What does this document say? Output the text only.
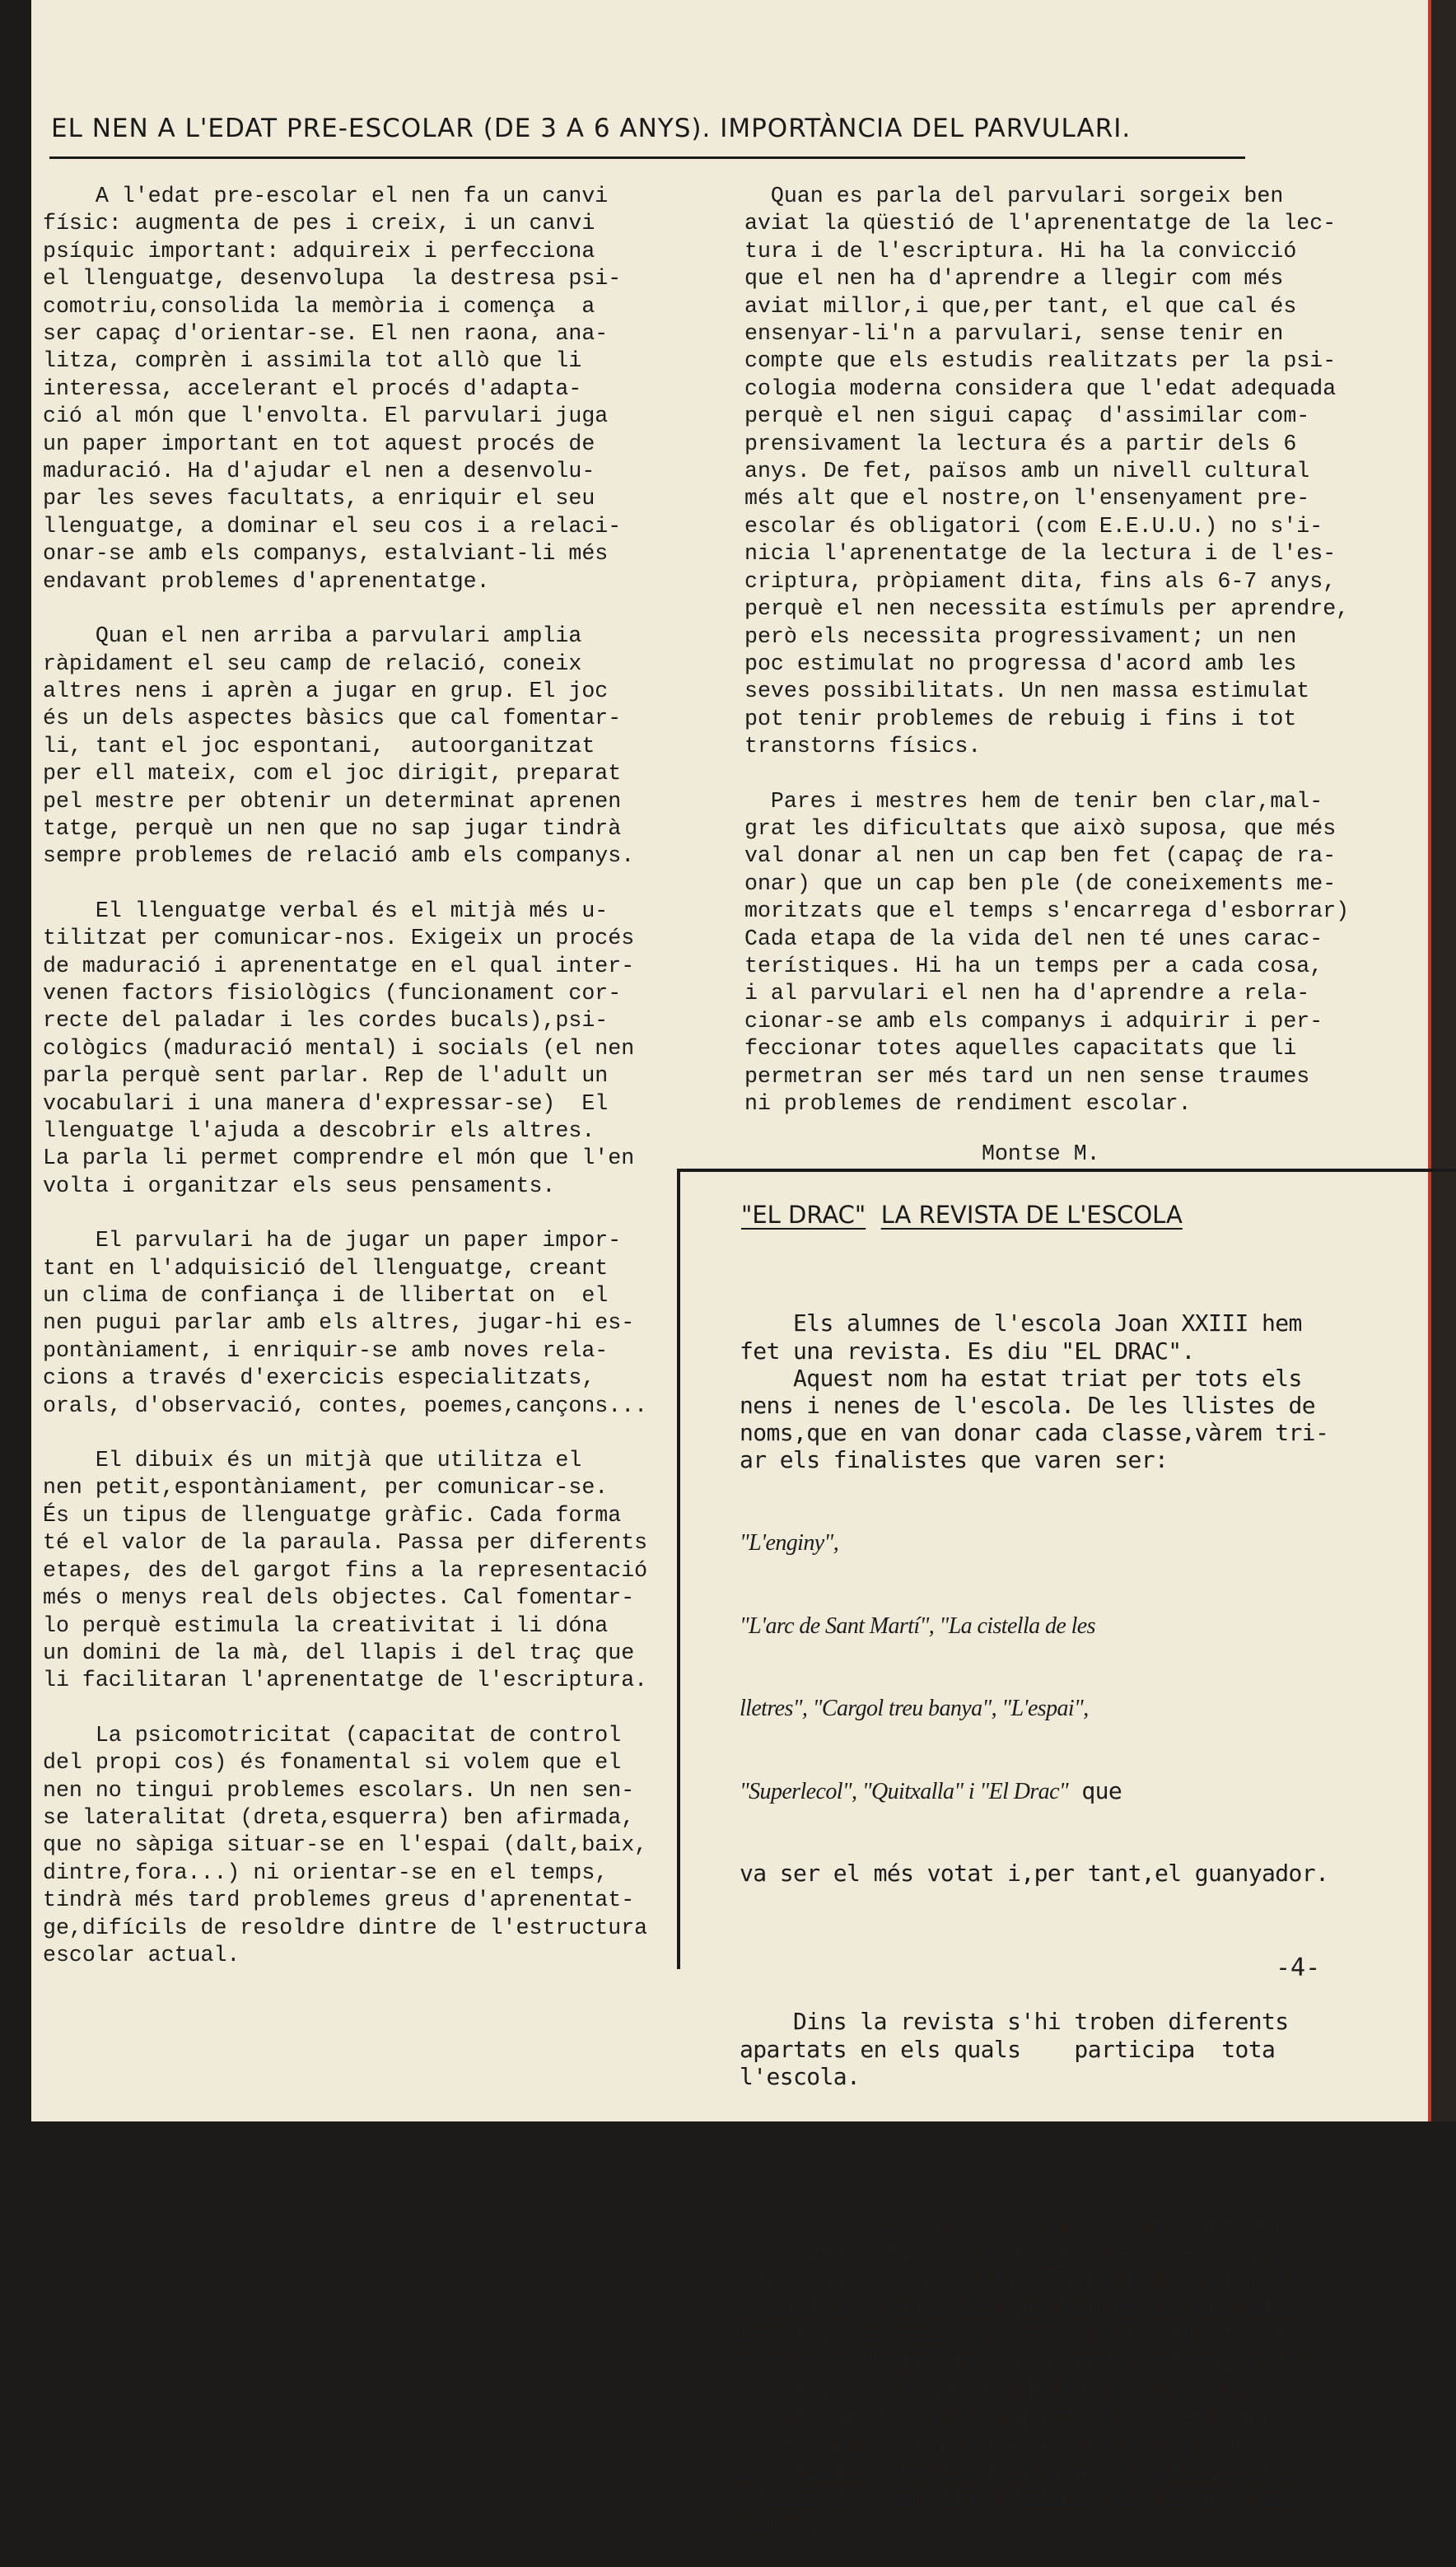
EL NEN A L'EDAT PRE-ESCOLAR (DE 3 A 6 ANYS). IMPORTÀNCIA DEL PARVULARI.

A l'edat pre-escolar el nen fa un canvi

físic: augmenta de pes i creix, i un canvi

psíquic important: adquireix i perfecciona

el llenguatge, desenvolupa  la destresa psi-

comotriu,consolida la memòria i comença  a

ser capaç d'orientar-se. El nen raona, ana-

litza, comprèn i assimila tot allò que li

interessa, accelerant el procés d'adapta-

ció al món que l'envolta. El parvulari juga

un paper important en tot aquest procés de

maduració. Ha d'ajudar el nen a desenvolu-

par les seves facultats, a enriquir el seu

llenguatge, a dominar el seu cos i a relaci-

onar-se amb els companys, estalviant-li més

endavant problemes d'aprenentatge.

Quan el nen arriba a parvulari amplia

ràpidament el seu camp de relació, coneix

altres nens i aprèn a jugar en grup. El joc

és un dels aspectes bàsics que cal fomentar-

li, tant el joc espontani,  autoorganitzat

per ell mateix, com el joc dirigit, preparat

pel mestre per obtenir un determinat aprenen

tatge, perquè un nen que no sap jugar tindrà

sempre problemes de relació amb els companys.

El llenguatge verbal és el mitjà més u-

tilitzat per comunicar-nos. Exigeix un procés

de maduració i aprenentatge en el qual inter-

venen factors fisiològics (funcionament cor-

recte del paladar i les cordes bucals),psi-

cològics (maduració mental) i socials (el nen

parla perquè sent parlar. Rep de l'adult un

vocabulari i una manera d'expressar-se)  El

llenguatge l'ajuda a descobrir els altres.

La parla li permet comprendre el món que l'en

volta i organitzar els seus pensaments.

El parvulari ha de jugar un paper impor-

tant en l'adquisició del llenguatge, creant

un clima de confiança i de llibertat on  el

nen pugui parlar amb els altres, jugar-hi es-

pontàniament, i enriquir-se amb noves rela-

cions a través d'exercicis especialitzats,

orals, d'observació, contes, poemes,cançons...

El dibuix és un mitjà que utilitza el

nen petit,espontàniament, per comunicar-se.

És un tipus de llenguatge gràfic. Cada forma

té el valor de la paraula. Passa per diferents

etapes, des del gargot fins a la representació

més o menys real dels objectes. Cal fomentar-

lo perquè estimula la creativitat i li dóna

un domini de la mà, del llapis i del traç que

li facilitaran l'aprenentatge de l'escriptura.

La psicomotricitat (capacitat de control

del propi cos) és fonamental si volem que el

nen no tingui problemes escolars. Un nen sen-

se lateralitat (dreta,esquerra) ben afirmada,

que no sàpiga situar-se en l'espai (dalt,baix,

dintre,fora...) ni orientar-se en el temps,

tindrà més tard problemes greus d'aprenentat-

ge,difícils de resoldre dintre de l'estructura

escolar actual.

Quan es parla del parvulari sorgeix ben

aviat la qüestió de l'aprenentatge de la lec-

tura i de l'escriptura. Hi ha la convicció

que el nen ha d'aprendre a llegir com més

aviat millor,i que,per tant, el que cal és

ensenyar-li'n a parvulari, sense tenir en

compte que els estudis realitzats per la psi-

cologia moderna considera que l'edat adequada

perquè el nen sigui capaç  d'assimilar com-

prensivament la lectura és a partir dels 6

anys. De fet, països amb un nivell cultural

més alt que el nostre,on l'ensenyament pre-

escolar és obligatori (com E.E.U.U.) no s'i-

nicia l'aprenentatge de la lectura i de l'es-

criptura, pròpiament dita, fins als 6-7 anys,

perquè el nen necessita estímuls per aprendre,

però els necessita progressivament; un nen

poc estimulat no progressa d'acord amb les

seves possibilitats. Un nen massa estimulat

pot tenir problemes de rebuig i fins i tot

transtorns físics.

Pares i mestres hem de tenir ben clar,mal-

grat les dificultats que això suposa, que més

val donar al nen un cap ben fet (capaç de ra-

onar) que un cap ben ple (de coneixements me-

moritzats que el temps s'encarrega d'esborrar)

Cada etapa de la vida del nen té unes carac-

terístiques. Hi ha un temps per a cada cosa,

i al parvulari el nen ha d'aprendre a rela-

cionar-se amb els companys i adquirir i per-

feccionar totes aquelles capacitats que li

permetran ser més tard un nen sense traumes

ni problemes de rendiment escolar.

Montse M.
"EL DRAC" LA REVISTA DE L'ESCOLA

Els alumnes de l'escola Joan XXIII hem

fet una revista. Es diu "EL DRAC".

Aquest nom ha estat triat per tots els

nens i nenes de l'escola. De les llistes de

noms,que en van donar cada classe,vàrem tri-

ar els finalistes que varen ser:

"L'enginy",

"L'arc de Sant Martí", "La cistella de les

lletres", "Cargol treu banya", "L'espai",

"Superlecol", "Quitxalla" i "El Drac" que

va ser el més votat i,per tant,el guanyador.

Dins la revista s'hi troben diferents

apartats en els quals    participa  tota

l'escola.

S'hi troben dibuixos (fets normalment

pels més petits), endevinalles, textos, po-

emes, passatemps, etc. També hi ha altres

treballs o articles que han estat més ela-

borats, com podria  ser el treball d'histò-

ria dels Hostalets. Diferents intervius:al

forner, als ajudants de tallers, etc.

També hi ha dos apartats (només han

sortit a l'últim número): Un és el dedicat

a notícies que tinguin alguna relació amb

l'escola i un altre dedicat a l'esport es-

colar.

-4-
